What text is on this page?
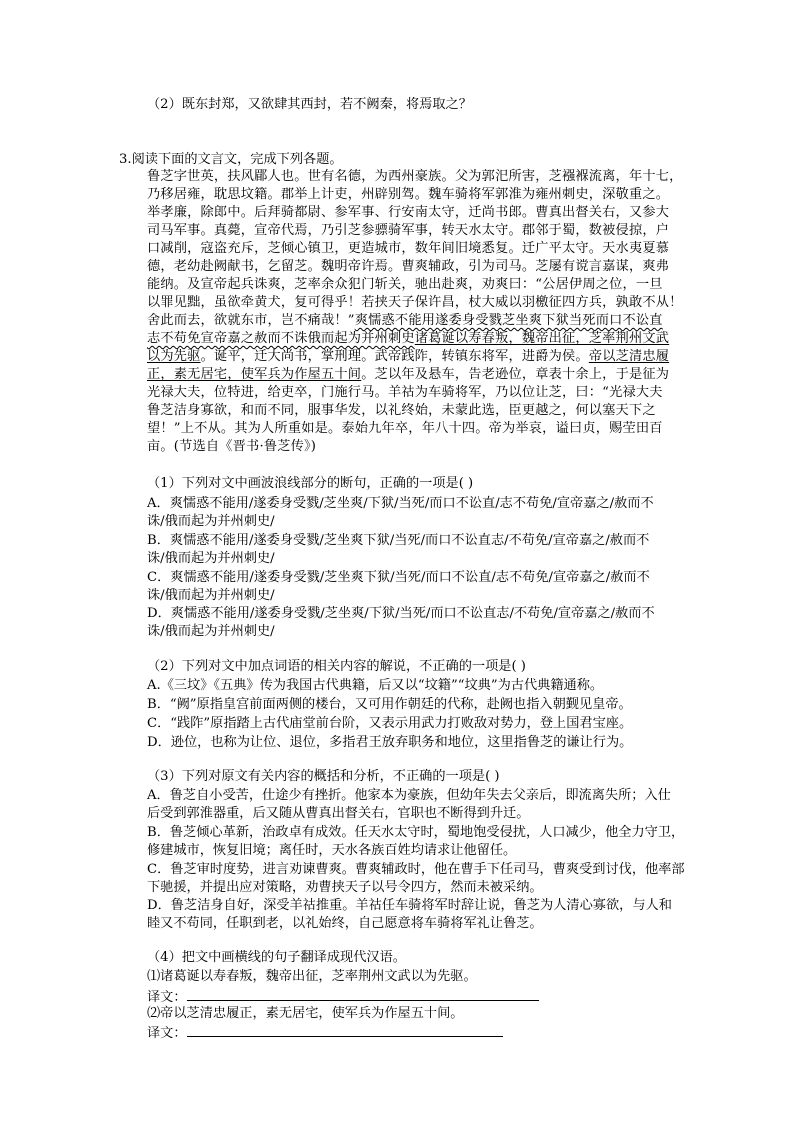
（2）既东封郑，又欲肆其西封，若不阙秦，将焉取之？
3.阅读下面的文言文，完成下列各题。
鲁芝字世英，扶风郿人也。世有名德，为西州豪族。父为郭汜所害，芝襁褓流离，年十七，
乃移居雍，耽思坟籍。郡举上计吏，州辟别驾。魏车骑将军郭淮为雍州刺史，深敬重之。
举孝廉，除郎中。后拜骑都尉、参军事、行安南太守，迁尚书郎。曹真出督关右，又参大
司马军事。真薨，宣帝代焉，乃引芝参骠骑军事，转天水太守。郡邻于蜀，数被侵掠，户
口减削，寇盗充斥，芝倾心镇卫，更造城市，数年间旧境悉复。迁广平太守。天水夷夏慕
德，老幼赴阙献书，乞留芝。魏明帝许焉。曹爽辅政，引为司马。芝屡有谠言嘉谋，爽弗
能纳。及宣帝起兵诛爽，芝率余众犯门斩关，驰出赴爽，劝爽曰：“公居伊周之位，一旦
以罪见黜，虽欲牵黄犬，复可得乎！若挟天子保许昌，杖大威以羽檄征四方兵，孰敢不从！
舍此而去，欲就东市，岂不痛哉！”爽懦惑不能用遂委身受戮芝坐爽下狱当死而口不讼直
志不苟免宣帝嘉之赦而不诛俄而起为并州刺史诸葛诞以寿春叛，魏帝出征，芝率荆州文武
以为先驱。诞平，迁大尚书，掌刑理。武帝践阼，转镇东将军，进爵为侯。帝以芝清忠履
正，素无居宅，使军兵为作屋五十间。芝以年及悬车，告老逊位，章表十余上，于是征为
光禄大夫，位特进，给吏卒，门施行马。羊祜为车骑将军，乃以位让芝，曰：“光禄大夫
鲁芝洁身寡欲，和而不同，服事华发，以礼终始，未蒙此选，臣更越之，何以塞天下之
望！”上不从。其为人所重如是。泰始九年卒，年八十四。帝为举哀，谥曰贞，赐茔田百
亩。(节选自《晋书·鲁芝传》)
（1）下列对文中画波浪线部分的断句，正确的一项是( )
A．爽懦惑不能用/遂委身受戮/芝坐爽/下狱/当死/而口不讼直/志不苟免/宣帝嘉之/赦而不
诛/俄而起为并州刺史/
B．爽懦惑不能用/遂委身受戮/芝坐爽下狱/当死/而口不讼直志/不苟免/宣帝嘉之/赦而不
诛/俄而起为并州刺史/
C．爽懦惑不能用/遂委身受戮/芝坐爽下狱/当死/而口不讼直/志不苟免/宣帝嘉之/赦而不
诛/俄而起为并州刺史/
D．爽懦惑不能用/遂委身受戮/芝坐爽/下狱/当死/而口不讼直志/不苟免/宣帝嘉之/赦而不
诛/俄而起为并州刺史/
（2）下列对文中加点词语的相关内容的解说，不正确的一项是( )
A.《三坟》《五典》传为我国古代典籍，后又以“坟籍”“坟典”为古代典籍通称。
B．“阙”原指皇宫前面两侧的楼台，又可用作朝廷的代称，赴阙也指入朝觐见皇帝。
C．“践阼”原指踏上古代庙堂前台阶，又表示用武力打败敌对势力，登上国君宝座。
D．逊位，也称为让位、退位，多指君王放弃职务和地位，这里指鲁芝的谦让行为。
（3）下列对原文有关内容的概括和分析，不正确的一项是( )
A．鲁芝自小受苦，仕途少有挫折。他家本为豪族，但幼年失去父亲后，即流离失所；入仕
后受到郭淮器重，后又随从曹真出督关右，官职也不断得到升迁。
B．鲁芝倾心革新，治政卓有成效。任天水太守时，蜀地饱受侵扰，人口减少，他全力守卫，
修建城市，恢复旧境；离任时，天水各族百姓均请求让他留任。
C．鲁芝审时度势，进言劝谏曹爽。曹爽辅政时，他在曹手下任司马，曹爽受到讨伐，他率部
下驰援，并提出应对策略，劝曹挟天子以号令四方，然而未被采纳。
D．鲁芝洁身自好，深受羊祜推重。羊祜任车骑将军时辞让说，鲁芝为人清心寡欲，与人和
睦又不苟同，任职到老，以礼始终，自己愿意将车骑将军礼让鲁芝。
（4）把文中画横线的句子翻译成现代汉语。
⑴诸葛诞以寿春叛，魏帝出征，芝率荆州文武以为先驱。
译文：
⑵帝以芝清忠履正，素无居宅，使军兵为作屋五十间。
译文：
